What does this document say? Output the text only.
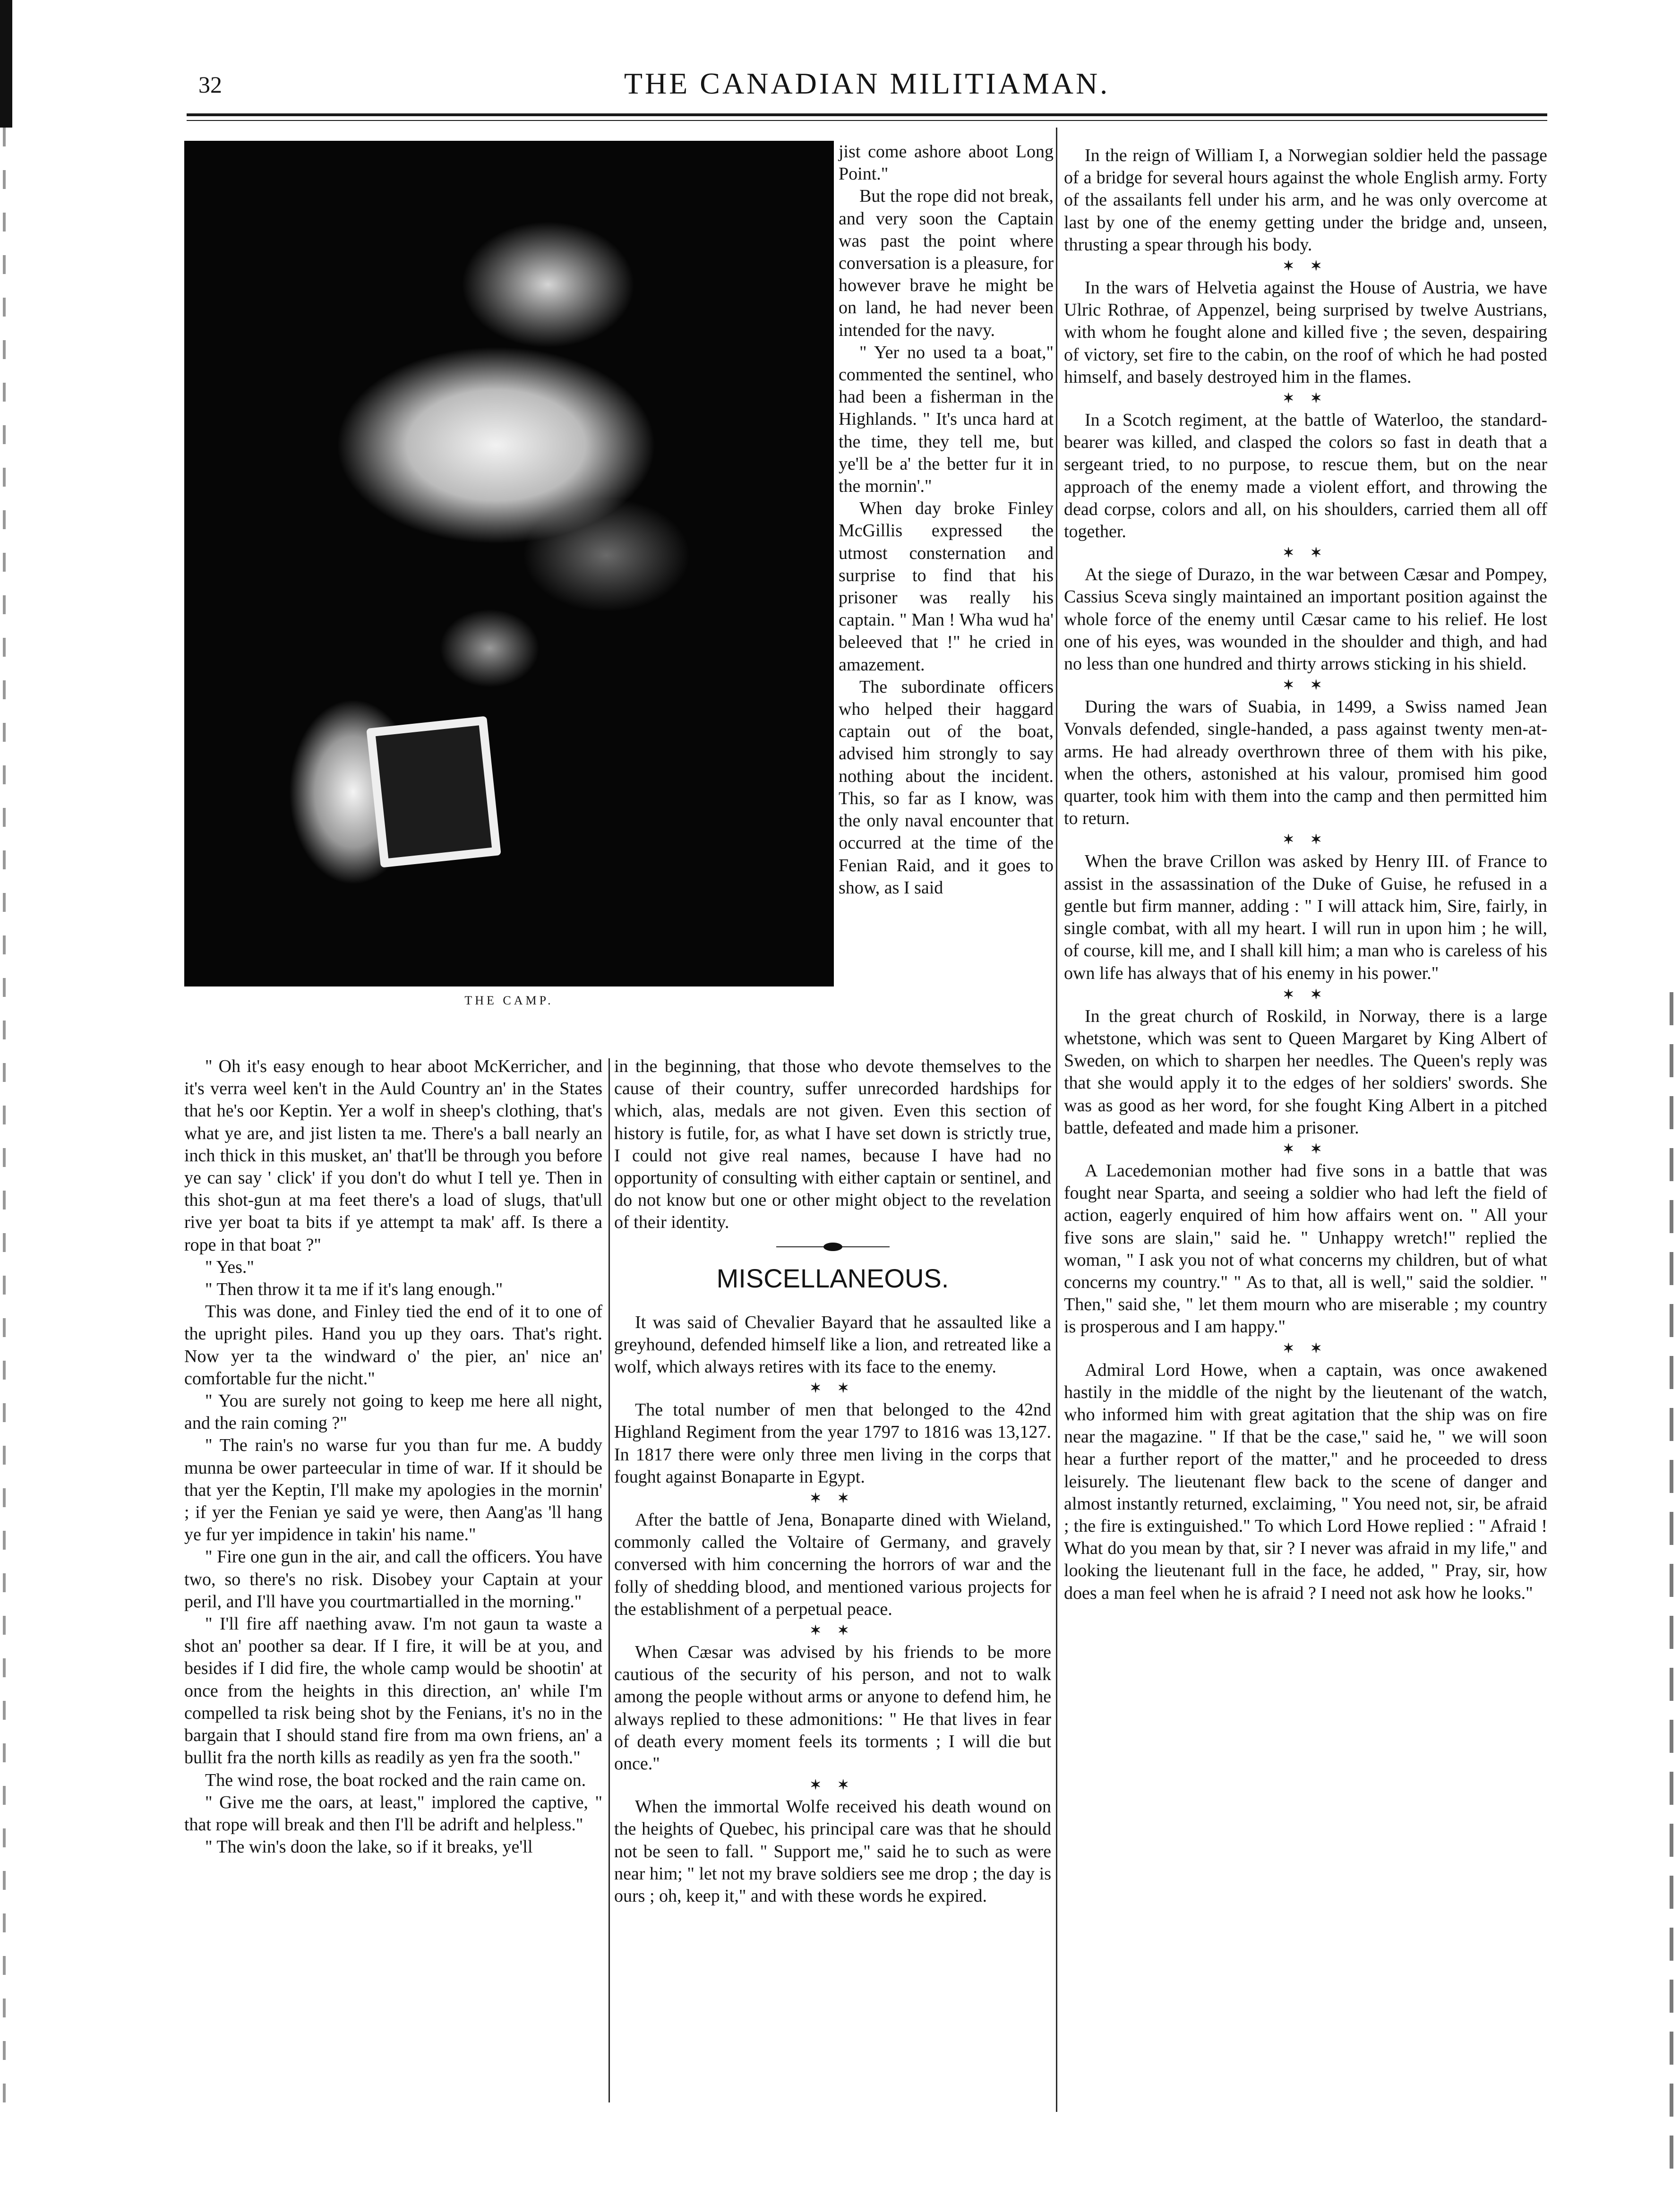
32	THE CANADIAN MILITIAMAN.
THE CAMP.

jist come ashore aboot Long Point."

But the rope did not break, and very soon the Captain was past the point where conversation is a pleasure, for however brave he might be on land, he had never been intended for the navy.

" Yer no used ta a boat," commented the sentinel, who had been a fisherman in the Highlands. " It's unca hard at the time, they tell me, but ye'll be a' the better fur it in the mornin'."

When day broke Finley McGillis expressed the utmost consternation and surprise to find that his prisoner was really his captain. " Man ! Wha wud ha' beleeved that !" he cried in amazement.

The subordinate officers who helped their haggard captain out of the boat, advised him strongly to say nothing about the incident. This, so far as I know, was the only naval encounter that occurred at the time of the Fenian Raid, and it goes to show, as I said

" Oh it's easy enough to hear aboot McKerricher, and it's verra weel ken't in the Auld Country an' in the States that he's oor Keptin. Yer a wolf in sheep's clothing, that's what ye are, and jist listen ta me. There's a ball nearly an inch thick in this musket, an' that'll be through you before ye can say ' click' if you don't do whut I tell ye. Then in this shot-gun at ma feet there's a load of slugs, that'ull rive yer boat ta bits if ye attempt ta mak' aff. Is there a rope in that boat ?"

" Yes."

" Then throw it ta me if it's lang enough."

This was done, and Finley tied the end of it to one of the upright piles. Hand you up they oars. That's right. Now yer ta the windward o' the pier, an' nice an' comfortable fur the nicht."

" You are surely not going to keep me here all night, and the rain coming ?"

" The rain's no warse fur you than fur me. A buddy munna be ower parteecular in time of war. If it should be that yer the Keptin, I'll make my apologies in the mornin' ; if yer the Fenian ye said ye were, then Aang'as 'll hang ye fur yer impidence in takin' his name."

" Fire one gun in the air, and call the officers. You have two, so there's no risk. Disobey your Captain at your peril, and I'll have you courtmartialled in the morning."

" I'll fire aff naething avaw. I'm not gaun ta waste a shot an' poother sa dear. If I fire, it will be at you, and besides if I did fire, the whole camp would be shootin' at once from the heights in this direction, an' while I'm compelled ta risk being shot by the Fenians, it's no in the bargain that I should stand fire from ma own friens, an' a bullit fra the north kills as readily as yen fra the sooth."

The wind rose, the boat rocked and the rain came on.

" Give me the oars, at least," implored the captive, " that rope will break and then I'll be adrift and helpless."

" The win's doon the lake, so if it breaks, ye'll

in the beginning, that those who devote themselves to the cause of their country, suffer unrecorded hardships for which, alas, medals are not given. Even this section of history is futile, for, as what I have set down is strictly true, I could not give real names, because I have had no opportunity of consulting with either captain or sentinel, and do not know but one or other might object to the revelation of their identity.

MISCELLANEOUS.

It was said of Chevalier Bayard that he assaulted like a greyhound, defended himself like a lion, and retreated like a wolf, which always retires with its face to the enemy.

✶ ✶

The total number of men that belonged to the 42nd Highland Regiment from the year 1797 to 1816 was 13,127. In 1817 there were only three men living in the corps that fought against Bonaparte in Egypt.

✶ ✶

After the battle of Jena, Bonaparte dined with Wieland, commonly called the Voltaire of Germany, and gravely conversed with him concerning the horrors of war and the folly of shedding blood, and mentioned various projects for the establishment of a perpetual peace.

✶ ✶

When Cæsar was advised by his friends to be more cautious of the security of his person, and not to walk among the people without arms or anyone to defend him, he always replied to these admonitions: " He that lives in fear of death every moment feels its torments ; I will die but once."

✶ ✶

When the immortal Wolfe received his death wound on the heights of Quebec, his principal care was that he should not be seen to fall. " Support me," said he to such as were near him; " let not my brave soldiers see me drop ; the day is ours ; oh, keep it," and with these words he expired.

In the reign of William I, a Norwegian soldier held the passage of a bridge for several hours against the whole English army. Forty of the assailants fell under his arm, and he was only overcome at last by one of the enemy getting under the bridge and, unseen, thrusting a spear through his body.

✶ ✶

In the wars of Helvetia against the House of Austria, we have Ulric Rothrae, of Appenzel, being surprised by twelve Austrians, with whom he fought alone and killed five ; the seven, despairing of victory, set fire to the cabin, on the roof of which he had posted himself, and basely destroyed him in the flames.

✶ ✶

In a Scotch regiment, at the battle of Waterloo, the standard-bearer was killed, and clasped the colors so fast in death that a sergeant tried, to no purpose, to rescue them, but on the near approach of the enemy made a violent effort, and throwing the dead corpse, colors and all, on his shoulders, carried them all off together.

✶ ✶

At the siege of Durazo, in the war between Cæsar and Pompey, Cassius Sceva singly maintained an important position against the whole force of the enemy until Cæsar came to his relief. He lost one of his eyes, was wounded in the shoulder and thigh, and had no less than one hundred and thirty arrows sticking in his shield.

✶ ✶

During the wars of Suabia, in 1499, a Swiss named Jean Vonvals defended, single-handed, a pass against twenty men-at-arms. He had already overthrown three of them with his pike, when the others, astonished at his valour, promised him good quarter, took him with them into the camp and then permitted him to return.

✶ ✶

When the brave Crillon was asked by Henry III. of France to assist in the assassination of the Duke of Guise, he refused in a gentle but firm manner, adding : " I will attack him, Sire, fairly, in single combat, with all my heart. I will run in upon him ; he will, of course, kill me, and I shall kill him; a man who is careless of his own life has always that of his enemy in his power."

✶ ✶

In the great church of Roskild, in Norway, there is a large whetstone, which was sent to Queen Margaret by King Albert of Sweden, on which to sharpen her needles. The Queen's reply was that she would apply it to the edges of her soldiers' swords. She was as good as her word, for she fought King Albert in a pitched battle, defeated and made him a prisoner.

✶ ✶

A Lacedemonian mother had five sons in a battle that was fought near Sparta, and seeing a soldier who had left the field of action, eagerly enquired of him how affairs went on. " All your five sons are slain," said he. " Unhappy wretch!" replied the woman, " I ask you not of what concerns my children, but of what concerns my country." " As to that, all is well," said the soldier. " Then," said she, " let them mourn who are miserable ; my country is prosperous and I am happy."

✶ ✶

Admiral Lord Howe, when a captain, was once awakened hastily in the middle of the night by the lieutenant of the watch, who informed him with great agitation that the ship was on fire near the magazine. " If that be the case," said he, " we will soon hear a further report of the matter," and he proceeded to dress leisurely. The lieutenant flew back to the scene of danger and almost instantly returned, exclaiming, " You need not, sir, be afraid ; the fire is extinguished." To which Lord Howe replied : " Afraid ! What do you mean by that, sir ? I never was afraid in my life," and looking the lieutenant full in the face, he added, " Pray, sir, how does a man feel when he is afraid ? I need not ask how he looks."
